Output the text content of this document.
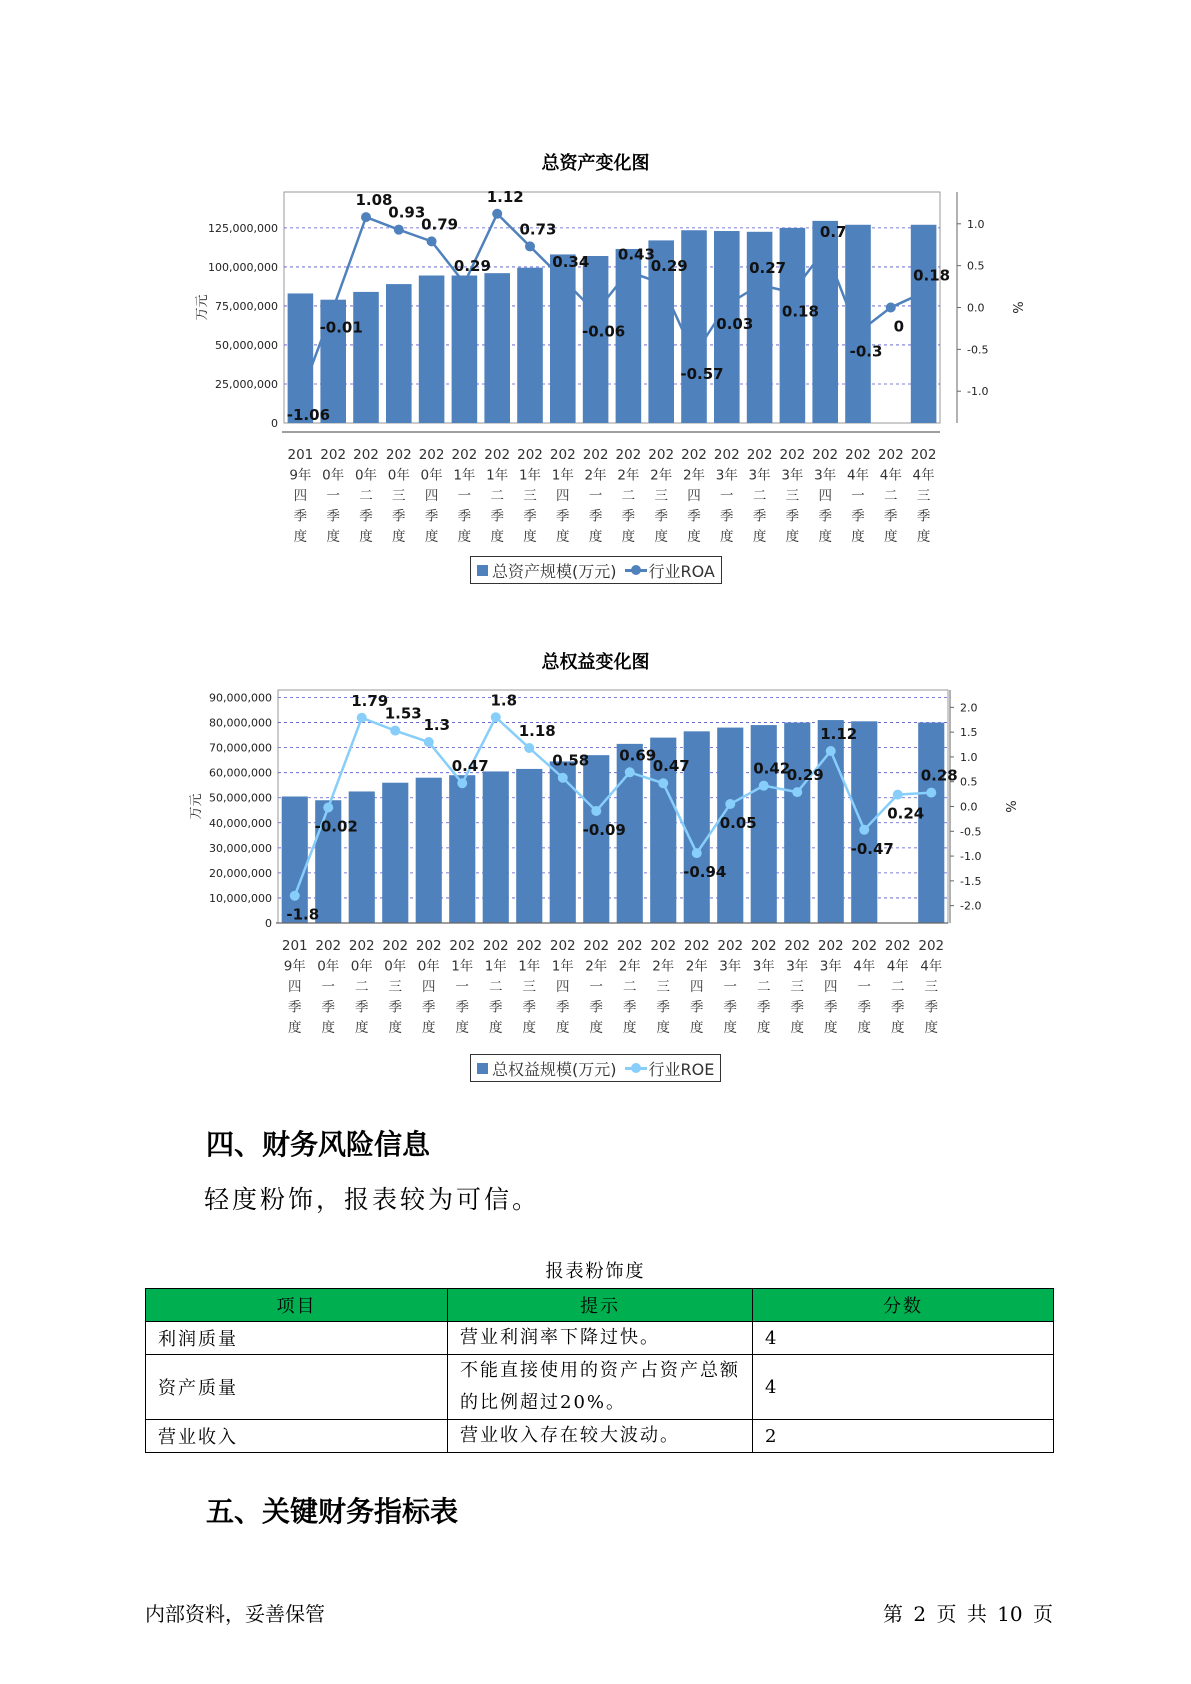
总资产变化图
0
25,000,000
50,000,000
75,000,000
100,000,000
125,000,000
万元
-1.0
-0.5
0.0
0.5
1.0
%
201
9年
四
季
度
202
0年
一
季
度
202
0年
二
季
度
202
0年
三
季
度
202
0年
四
季
度
202
1年
一
季
度
202
1年
二
季
度
202
1年
三
季
度
202
1年
四
季
度
202
2年
一
季
度
202
2年
二
季
度
202
2年
三
季
度
202
2年
四
季
度
202
3年
一
季
度
202
3年
二
季
度
202
3年
三
季
度
202
3年
四
季
度
202
4年
一
季
度
202
4年
二
季
度
202
4年
三
季
度
-1.06
-0.01
1.08
0.93
0.79
0.29
1.12
0.73
0.34
-0.06
0.43
0.29
-0.57
0.03
0.27
0.18
0.7
-0.3
0
0.18
总资产规模(万元) 行业ROA
总权益变化图
0
10,000,000
20,000,000
30,000,000
40,000,000
50,000,000
60,000,000
70,000,000
80,000,000
90,000,000
万元
-2.0
-1.5
-1.0
-0.5
0.0
0.5
1.0
1.5
2.0
%
201
9年
四
季
度
202
0年
一
季
度
202
0年
二
季
度
202
0年
三
季
度
202
0年
四
季
度
202
1年
一
季
度
202
1年
二
季
度
202
1年
三
季
度
202
1年
四
季
度
202
2年
一
季
度
202
2年
二
季
度
202
2年
三
季
度
202
2年
四
季
度
202
3年
一
季
度
202
3年
二
季
度
202
3年
三
季
度
202
3年
四
季
度
202
4年
一
季
度
202
4年
二
季
度
202
4年
三
季
度
-1.8
-0.02
1.79
1.53
1.3
0.47
1.8
1.18
0.58
-0.09
0.69
0.47
-0.94
0.05
0.42
0.29
1.12
-0.47
0.24
0.28
总权益规模(万元) 行业ROE
四、财务风险信息
轻度粉饰，报表较为可信。
报表粉饰度
项目	提示	分数
利润质量	营业利润率下降过快。	4
资产质量	不能直接使用的资产占资产总额的比例超过20%。	4
营业收入	营业收入存在较大波动。	2
五、关键财务指标表
内部资料，妥善保管	第 2 页 共 10 页
